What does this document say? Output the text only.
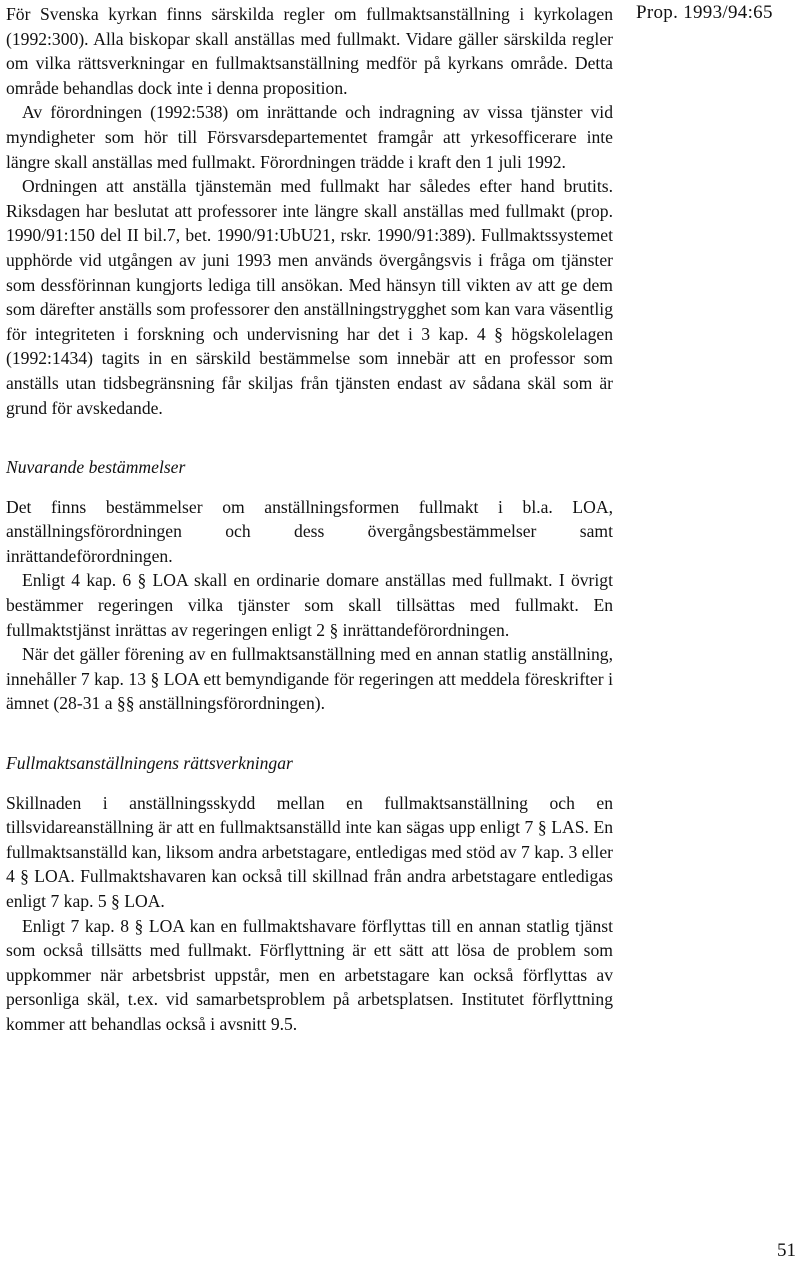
Prop. 1993/94:65

För Svenska kyrkan finns särskilda regler om fullmaktsanställning i kyrkolagen (1992:300). Alla biskopar skall anställas med fullmakt. Vidare gäller särskilda regler om vilka rättsverkningar en fullmaktsanställning medför på kyrkans område. Detta område behandlas dock inte i denna proposition.

Av förordningen (1992:538) om inrättande och indragning av vissa tjänster vid myndigheter som hör till Försvarsdepartementet framgår att yrkesofficerare inte längre skall anställas med fullmakt. Förordningen trädde i kraft den 1 juli 1992.

Ordningen att anställa tjänstemän med fullmakt har således efter hand brutits. Riksdagen har beslutat att professorer inte längre skall anställas med fullmakt (prop. 1990/91:150 del II bil.7, bet. 1990/91:UbU21, rskr. 1990/91:389). Fullmaktssystemet upphörde vid utgången av juni 1993 men används övergångsvis i fråga om tjänster som dessförinnan kungjorts lediga till ansökan. Med hänsyn till vikten av att ge dem som därefter anställs som professorer den anställningstrygghet som kan vara väsentlig för integriteten i forskning och undervisning har det i 3 kap. 4 § högskolelagen (1992:1434) tagits in en särskild bestämmelse som innebär att en professor som anställs utan tidsbegränsning får skiljas från tjänsten endast av sådana skäl som är grund för avskedande.

Nuvarande bestämmelser

Det finns bestämmelser om anställningsformen fullmakt i bl.a. LOA, anställningsförordningen och dess övergångsbestämmelser samt inrättandeförordningen.

Enligt 4 kap. 6 § LOA skall en ordinarie domare anställas med fullmakt. I övrigt bestämmer regeringen vilka tjänster som skall tillsättas med fullmakt. En fullmaktstjänst inrättas av regeringen enligt 2 § inrättandeförordningen.

När det gäller förening av en fullmaktsanställning med en annan statlig anställning, innehåller 7 kap. 13 § LOA ett bemyndigande för regeringen att meddela föreskrifter i ämnet (28-31 a §§ anställningsförordningen).

Fullmaktsanställningens rättsverkningar

Skillnaden i anställningsskydd mellan en fullmaktsanställning och en tillsvidareanställning är att en fullmaktsanställd inte kan sägas upp enligt 7 § LAS. En fullmaktsanställd kan, liksom andra arbetstagare, entledigas med stöd av 7 kap. 3 eller 4 § LOA. Fullmaktshavaren kan också till skillnad från andra arbetstagare entledigas enligt 7 kap. 5 § LOA.

Enligt 7 kap. 8 § LOA kan en fullmaktshavare förflyttas till en annan statlig tjänst som också tillsätts med fullmakt. Förflyttning är ett sätt att lösa de problem som uppkommer när arbetsbrist uppstår, men en arbetstagare kan också förflyttas av personliga skäl, t.ex. vid samarbetsproblem på arbetsplatsen. Institutet förflyttning kommer att behandlas också i avsnitt 9.5.

51
